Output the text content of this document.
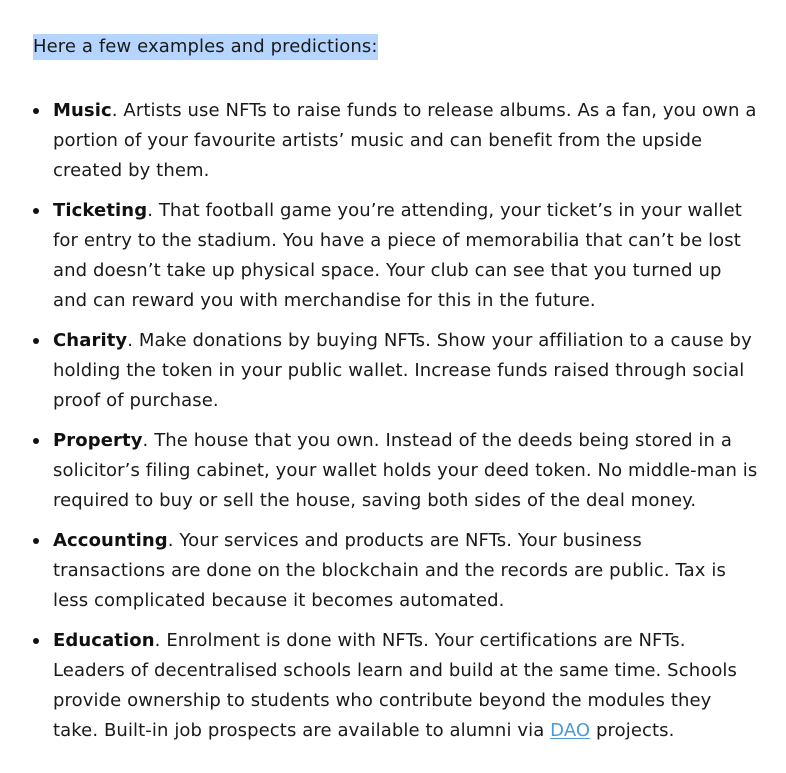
Here a few examples and predictions:

Music. Artists use NFTs to raise funds to release albums. As a fan, you own a portion of your favourite artists’ music and can benefit from the upside created by them.
Ticketing. That football game you’re attending, your ticket’s in your wallet for entry to the stadium. You have a piece of memorabilia that can’t be lost and doesn’t take up physical space. Your club can see that you turned up and can reward you with merchandise for this in the future.
Charity. Make donations by buying NFTs. Show your affiliation to a cause by holding the token in your public wallet. Increase funds raised through social proof of purchase.
Property. The house that you own. Instead of the deeds being stored in a solicitor’s filing cabinet, your wallet holds your deed token. No middle-man is required to buy or sell the house, saving both sides of the deal money.
Accounting. Your services and products are NFTs. Your business transactions are done on the blockchain and the records are public. Tax is less complicated because it becomes automated.
Education. Enrolment is done with NFTs. Your certifications are NFTs. Leaders of decentralised schools learn and build at the same time. Schools provide ownership to students who contribute beyond the modules they take. Built-in job prospects are available to alumni via DAO projects.
